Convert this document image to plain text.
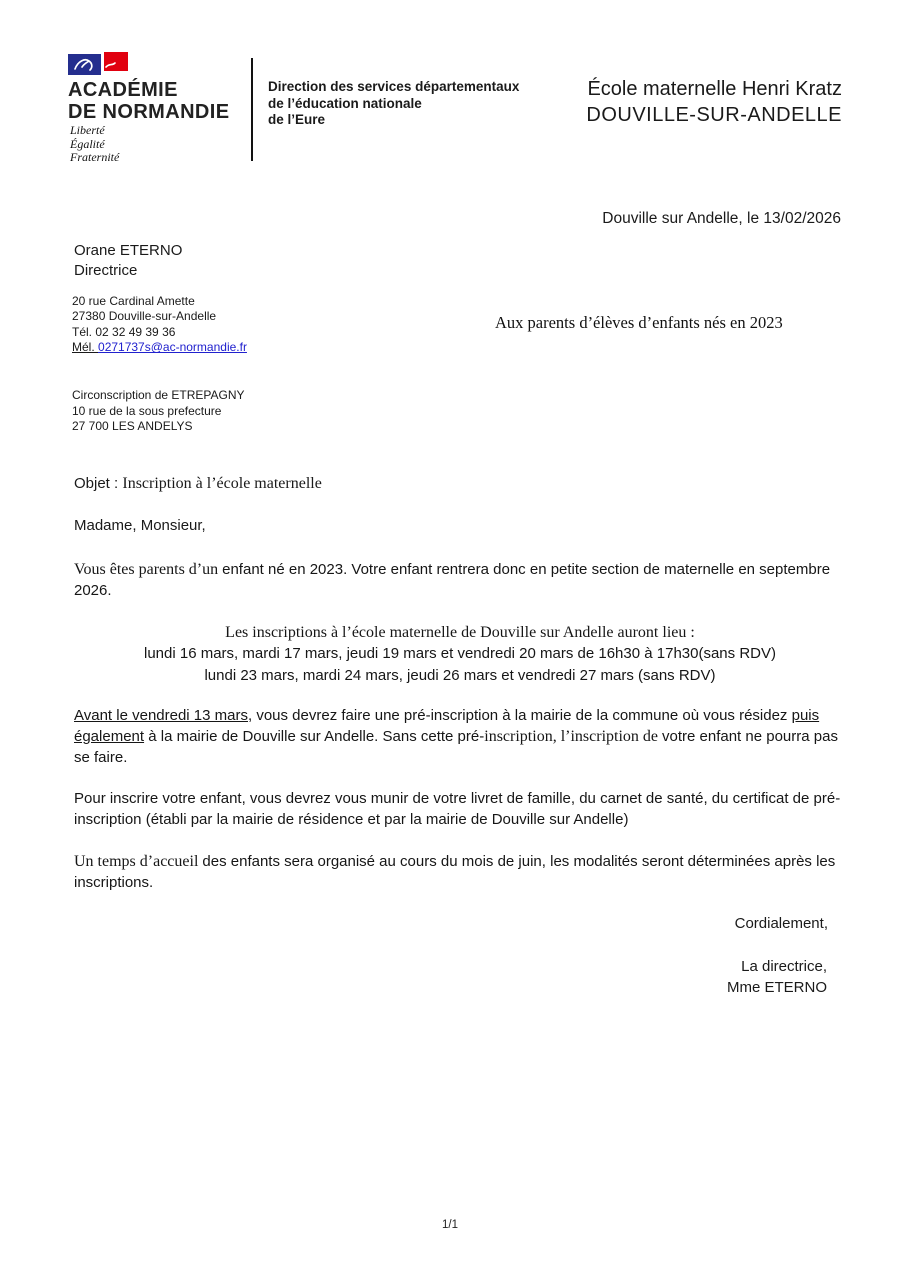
ACADÉMIE
DE NORMANDIE
Liberté
Égalité
Fraternité
Direction des services départementaux
de l’éducation nationale
de l’Eure
École maternelle Henri Kratz
DOUVILLE-SUR-ANDELLE
Douville sur Andelle, le 13/02/2026
Orane ETERNO
Directrice
20 rue Cardinal Amette
27380 Douville-sur-Andelle
Tél. 02 32 49 39 36
Mél. 0271737s@ac-normandie.fr
Aux parents d’élèves d’enfants nés en 2023
Circonscription de ETREPAGNY
10 rue de la sous prefecture
27 700 LES ANDELYS
Objet : Inscription à l’école maternelle
Madame, Monsieur,
Vous êtes parents d’un enfant né en 2023. Votre enfant rentrera donc en petite section de maternelle en septembre 2026.
Les inscriptions à l’école maternelle de Douville sur Andelle auront lieu :
lundi 16 mars, mardi 17 mars, jeudi 19 mars et vendredi 20 mars de 16h30 à 17h30(sans RDV)
lundi 23 mars, mardi 24 mars, jeudi 26 mars et vendredi 27 mars (sans RDV)
Avant le vendredi 13 mars, vous devrez faire une pré-inscription à la mairie de la commune où vous résidez puis également à la mairie de Douville sur Andelle. Sans cette pré-inscription, l’inscription de votre enfant ne pourra pas se faire.
Pour inscrire votre enfant, vous devrez vous munir de votre livret de famille, du carnet de santé, du certificat de pré-inscription (établi par la mairie de résidence et par la mairie de Douville sur Andelle)
Un temps d’accueil des enfants sera organisé au cours du mois de juin, les modalités seront déterminées après les inscriptions.
Cordialement,
La directrice,
Mme ETERNO
1/1
